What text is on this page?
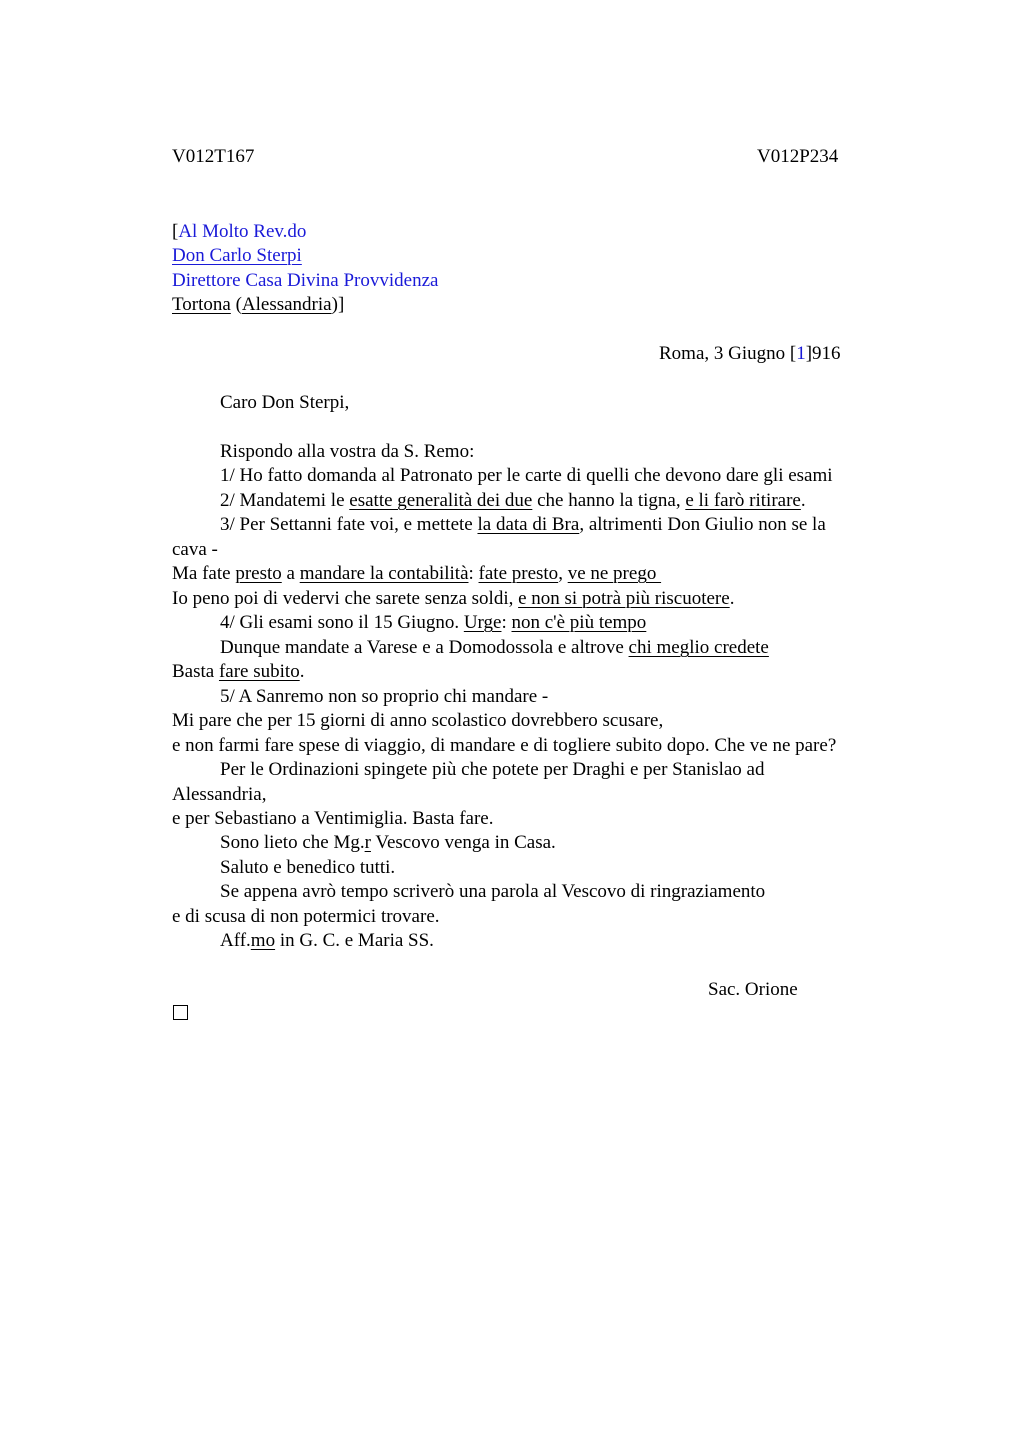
V012T167	V012P234
[Al Molto Rev.do
Don Carlo Sterpi
Direttore Casa Divina Provvidenza
Tortona (Alessandria)]
Roma, 3 Giugno [1]916
Caro Don Sterpi,
Rispondo alla vostra da S. Remo:
1/ Ho fatto domanda al Patronato per le carte di quelli che devono dare gli esami
2/ Mandatemi le esatte generalità dei due che hanno la tigna, e li farò ritirare.
3/ Per Settanni fate voi, e mettete la data di Bra, altrimenti Don Giulio non se la
cava -
Ma fate presto a mandare la contabilità: fate presto, ve ne prego
Io peno poi di vedervi che sarete senza soldi, e non si potrà più riscuotere.
4/ Gli esami sono il 15 Giugno. Urge: non c'è più tempo
Dunque mandate a Varese e a Domodossola e altrove chi meglio credete
Basta fare subito.
5/ A Sanremo non so proprio chi mandare -
Mi pare che per 15 giorni di anno scolastico dovrebbero scusare,
e non farmi fare spese di viaggio, di mandare e di togliere subito dopo. Che ve ne pare?
Per le Ordinazioni spingete più che potete per Draghi e per Stanislao ad
Alessandria,
e per Sebastiano a Ventimiglia. Basta fare.
Sono lieto che Mg.r Vescovo venga in Casa.
Saluto e benedico tutti.
Se appena avrò tempo scriverò una parola al Vescovo di ringraziamento
e di scusa di non potermici trovare.
Aff.mo in G. C. e Maria SS.
Sac. Orione
